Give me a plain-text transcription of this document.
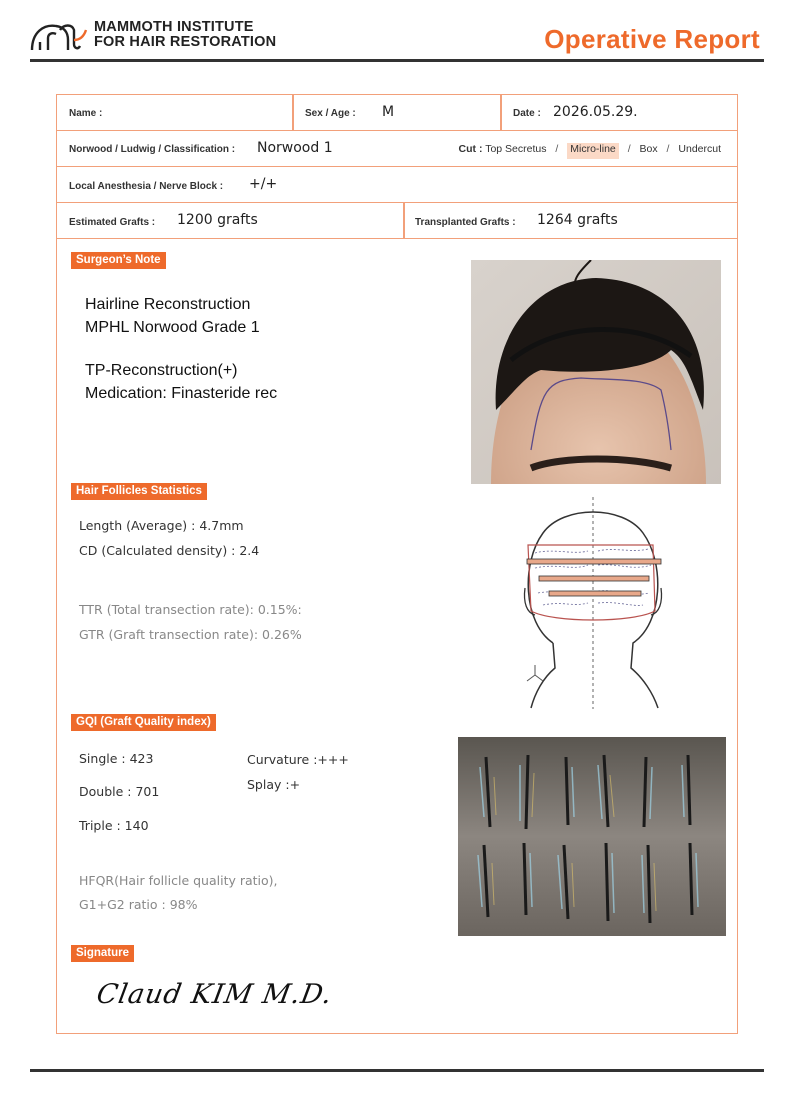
MAMMOTH INSTITUTE
FOR HAIR RESTORATION	Operative Report
Name :	Sex / Age : M	Date : 2026.05.29.
Norwood / Ludwig / Classification : Norwood 1	Cut : Top Secretus / Micro-line / Box / Undercut
Local Anesthesia / Nerve Block : +/+
Estimated Grafts : 1200 grafts	Transplanted Grafts : 1264 grafts
Surgeon’s Note
Hairline Reconstruction
MPHL Norwood Grade 1
TP-Reconstruction(+)
Medication: Finasteride rec
Hair Follicles Statistics
Length (Average) : 4.7mm
CD (Calculated density) : 2.4
TTR (Total transection rate): 0.15%:
GTR (Graft transection rate): 0.26%
GQI (Graft Quality index)
Single : 423
Double : 701
Triple : 140
Curvature :+++
Splay :+
HFQR(Hair follicle quality ratio),
G1+G2 ratio : 98%
Signature
Claud KIM M.D.
